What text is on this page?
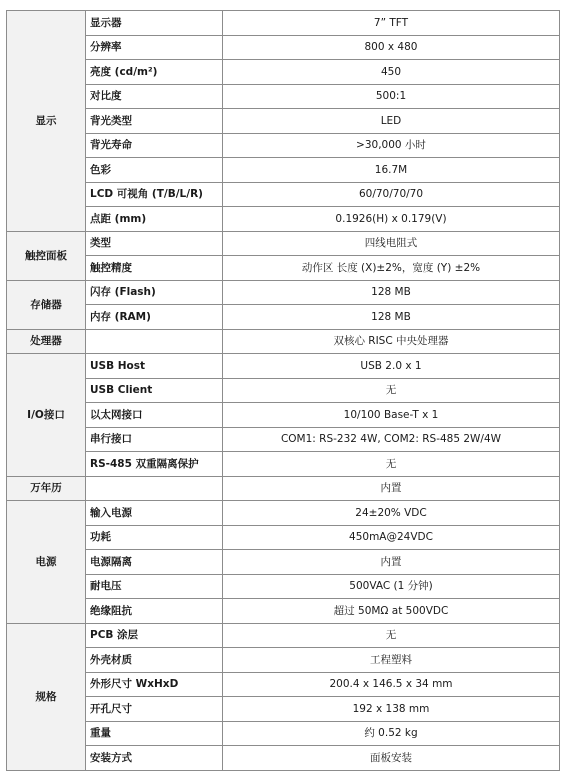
显示	显示器	7” TFT
	分辨率	800 x 480
	亮度 (cd/m²)	450
	对比度	500:1
	背光类型	LED
	背光寿命	>30,000 小时
	色彩	16.7M
	LCD 可视角 (T/B/L/R)	60/70/70/70
	点距 (mm)	0.1926(H) x 0.179(V)
触控面板	类型	四线电阻式
	触控精度	动作区 长度 (X)±2%，宽度 (Y) ±2%
存储器	闪存 (Flash)	128 MB
	内存 (RAM)	128 MB
处理器		双核心 RISC 中央处理器
I/O接口	USB Host	USB 2.0 x 1
	USB Client	无
	以太网接口	10/100 Base-T x 1
	串行接口	COM1: RS-232 4W, COM2: RS-485 2W/4W
	RS-485 双重隔离保护	无
万年历		内置
电源	输入电源	24±20% VDC
	功耗	450mA@24VDC
	电源隔离	内置
	耐电压	500VAC (1 分钟)
	绝缘阻抗	超过 50MΩ at 500VDC
规格	PCB 涂层	无
	外壳材质	工程塑料
	外形尺寸 WxHxD	200.4 x 146.5 x 34 mm
	开孔尺寸	192 x 138 mm
	重量	约 0.52 kg
	安装方式	面板安装
